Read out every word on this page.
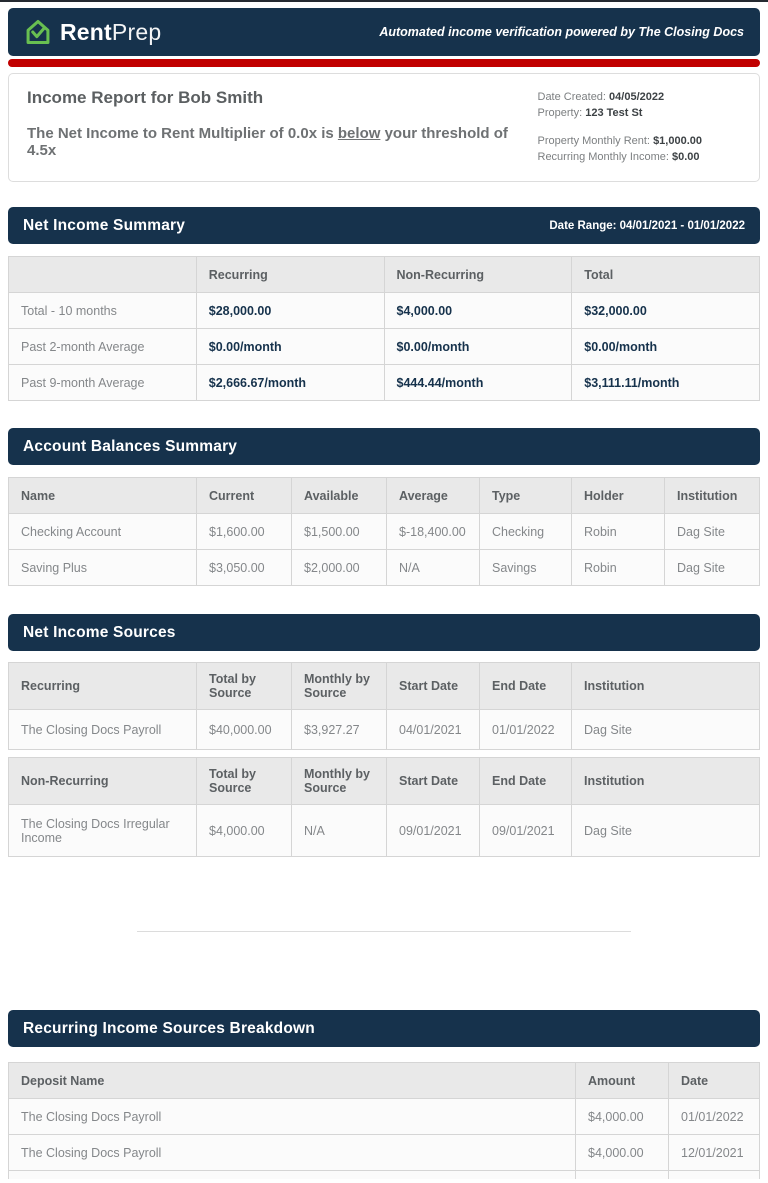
RentPrep	Automated income verification powered by The Closing Docs
Income Report for Bob Smith
The Net Income to Rent Multiplier of 0.0x is below your threshold of 4.5x
Date Created: 04/05/2022
Property: 123 Test St
Property Monthly Rent: $1,000.00
Recurring Monthly Income: $0.00
Net Income Summary	Date Range: 04/01/2021 - 01/01/2022
	Recurring	Non-Recurring	Total
Total - 10 months	$28,000.00	$4,000.00	$32,000.00
Past 2-month Average	$0.00/month	$0.00/month	$0.00/month
Past 9-month Average	$2,666.67/month	$444.44/month	$3,111.11/month
Account Balances Summary
Name	Current	Available	Average	Type	Holder	Institution
Checking Account	$1,600.00	$1,500.00	$-18,400.00	Checking	Robin	Dag Site
Saving Plus	$3,050.00	$2,000.00	N/A	Savings	Robin	Dag Site
Net Income Sources
Recurring	Total by Source	Monthly by Source	Start Date	End Date	Institution
The Closing Docs Payroll	$40,000.00	$3,927.27	04/01/2021	01/01/2022	Dag Site
Non-Recurring	Total by Source	Monthly by Source	Start Date	End Date	Institution
The Closing Docs Irregular Income	$4,000.00	N/A	09/01/2021	09/01/2021	Dag Site
Recurring Income Sources Breakdown
Deposit Name	Amount	Date
The Closing Docs Payroll	$4,000.00	01/01/2022
The Closing Docs Payroll	$4,000.00	12/01/2021
